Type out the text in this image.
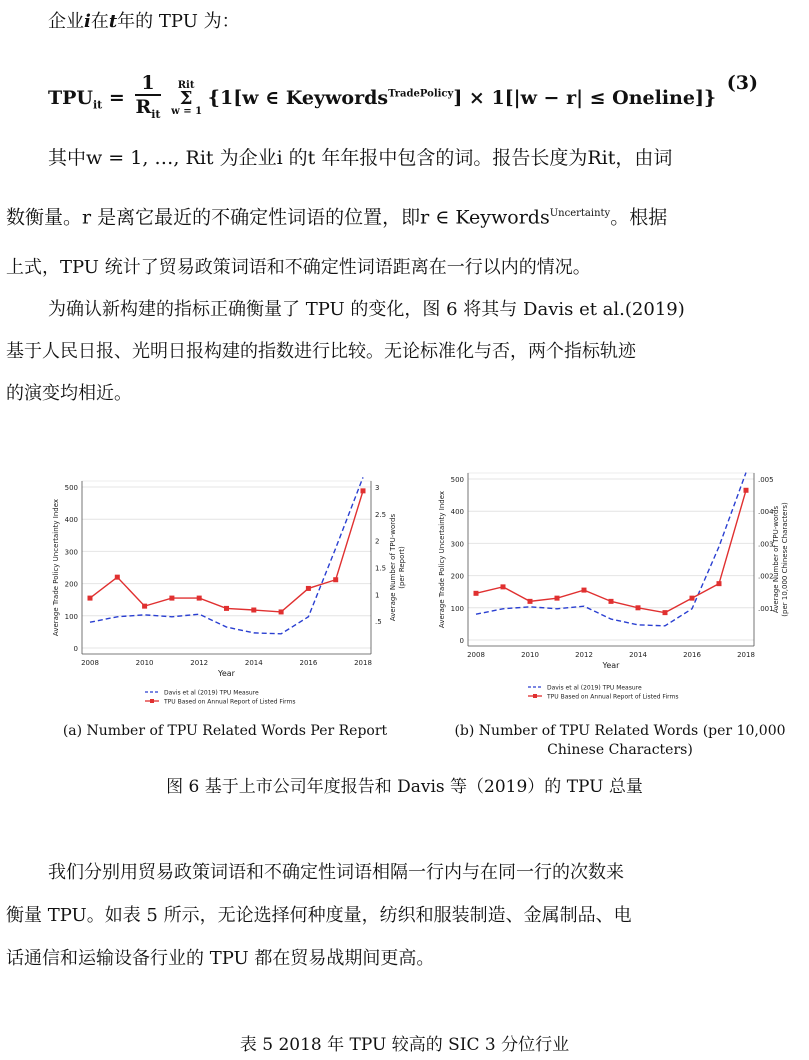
企业i在t年的 TPU 为：
$TPU_{it} = \frac{1}{R_{it}}$
	Rit
Σ
w = 1
{1[w ∈ Keywords$^{TradePolicy}$] × 1[|w − r| ≤ Oneline]}
(3)
其中w = 1, …, Rit 为企业i 的t 年年报中包含的词。报告长度为Rit，由词
数衡量。r 是离它最近的不确定性词语的位置，即r ∈ Keywords$^{Uncertainty}$。根据
上式，TPU 统计了贸易政策词语和不确定性词语距离在一行以内的情况。
为确认新构建的指标正确衡量了 TPU 的变化，图 6 将其与 Davis et al.(2019)
基于人民日报、光明日报构建的指数进行比较。无论标准化与否，两个指标轨迹
的演变均相近。
0
100
200
300
400
500
.5
1
1.5
2
2.5
3
2008	2010	2012	2014	2016	2018
Year
Average Trade Policy Uncertainty Index	Average Number of TPU-words (per Report)
Davis et al (2019) TPU Measure
TPU Based on Annual Report of Listed Firms
(a) Number of TPU Related Words Per Report
0
100
200
300
400
500
.001
.002
.003
.004
.005
2008	2010	2012	2014	2016	2018
Year
Average Trade Policy Uncertainty Index	Average Number of TPU-words (per 10,000 Chinese Characters)
Davis et al (2019) TPU Measure
TPU Based on Annual Report of Listed Firms
(b) Number of TPU Related Words (per 10,000 Chinese Characters)
图 6 基于上市公司年度报告和 Davis 等（2019）的 TPU 总量
我们分别用贸易政策词语和不确定性词语相隔一行内与在同一行的次数来
衡量 TPU。如表 5 所示，无论选择何种度量，纺织和服装制造、金属制品、电
话通信和运输设备行业的 TPU 都在贸易战期间更高。
表 5 2018 年 TPU 较高的 SIC 3 分位行业
